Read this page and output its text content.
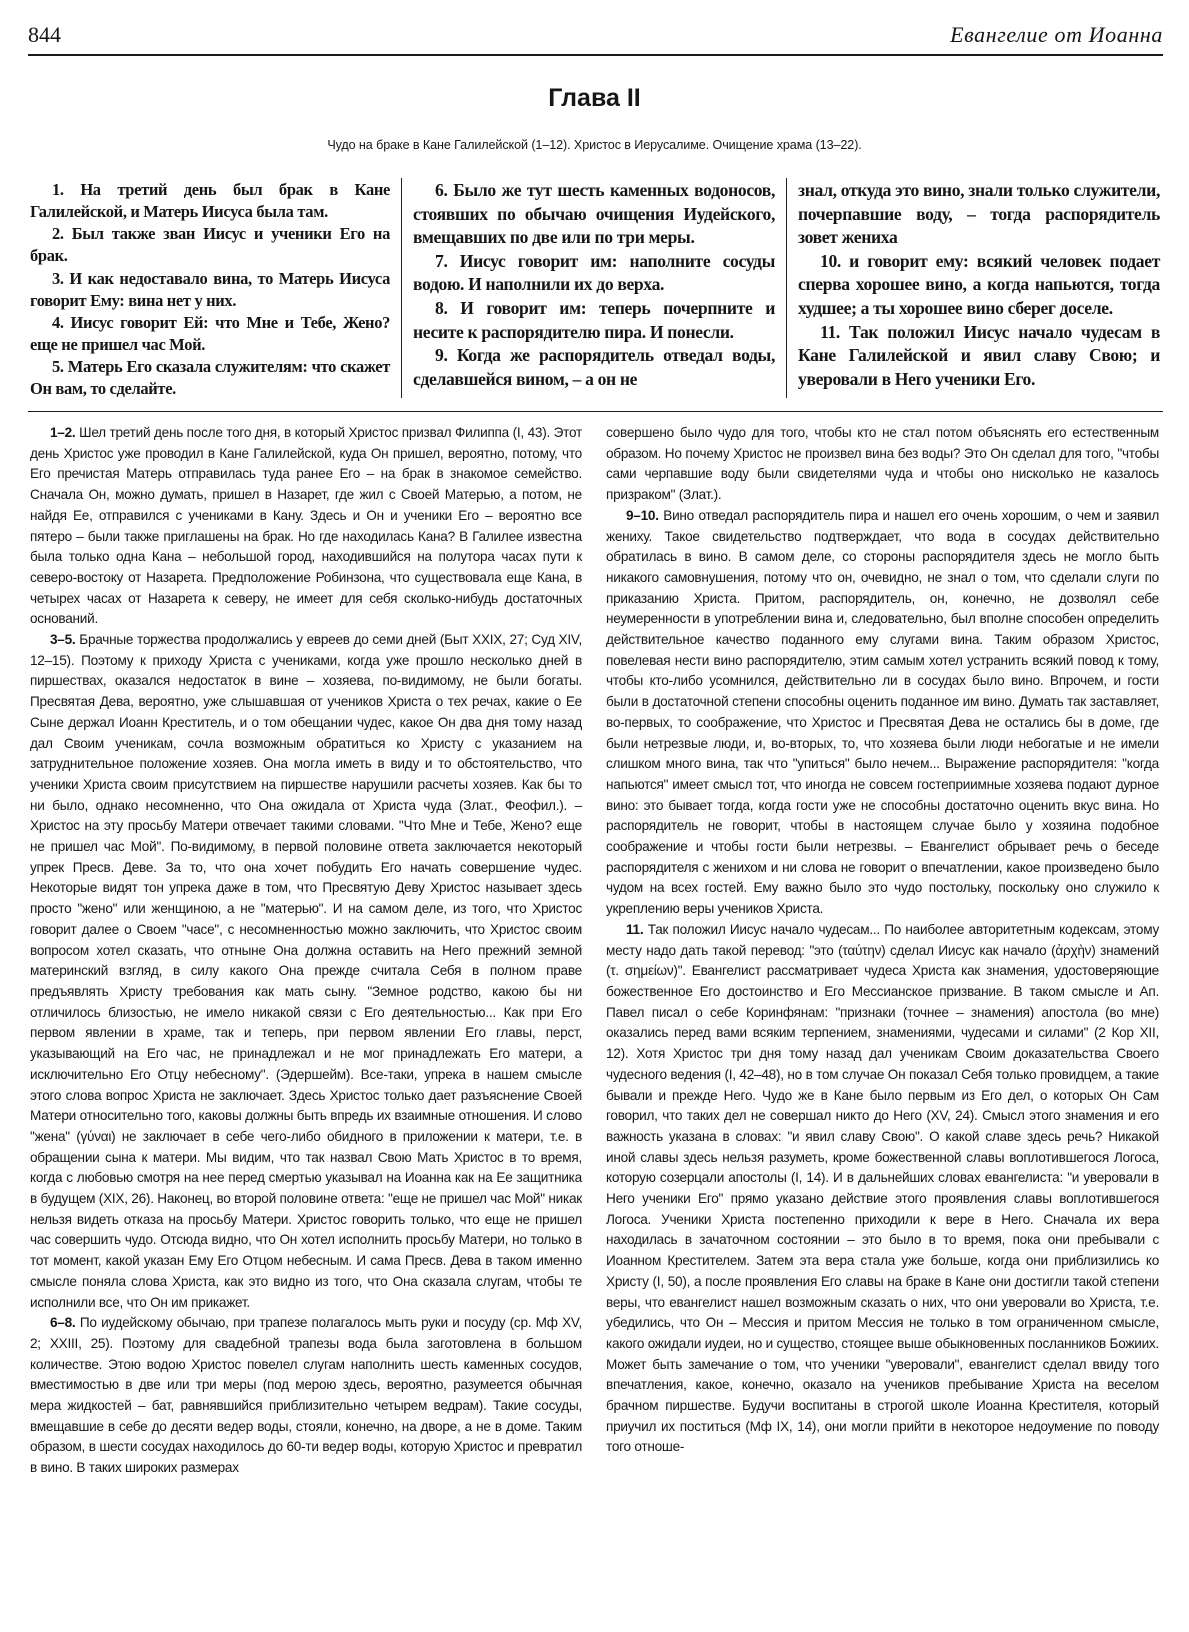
844	Евангелие от Иоанна
Глава II
Чудо на браке в Кане Галилейской (1–12). Христос в Иерусалиме. Очищение храма (13–22).

1. На третий день был брак в Кане Галилейской, и Матерь Иисуса была там.

2. Был также зван Иисус и ученики Его на брак.

3. И как недоставало вина, то Матерь Иисуса говорит Ему: вина нет у них.

4. Иисус говорит Ей: что Мне и Тебе, Жено? еще не пришел час Мой.

5. Матерь Его сказала служителям: что скажет Он вам, то сделайте.

6. Было же тут шесть каменных водоносов, стоявших по обычаю очищения Иудейского, вмещавших по две или по три меры.

7. Иисус говорит им: наполните сосуды водою. И наполнили их до верха.

8. И говорит им: теперь почерпните и несите к распорядителю пира. И понесли.

9. Когда же распорядитель отведал воды, сделавшейся вином, – а он не

знал, откуда это вино, знали только служители, почерпавшие воду, – тогда распорядитель зовет жениха

10. и говорит ему: всякий человек подает сперва хорошее вино, а когда напьются, тогда худшее; а ты хорошее вино сберег доселе.

11. Так положил Иисус начало чудесам в Кане Галилейской и явил славу Свою; и уверовали в Него ученики Его.

1–2. Шел третий день после того дня, в который Христос призвал Филиппа (I, 43). Этот день Христос уже проводил в Кане Галилейской, куда Он пришел, вероятно, потому, что Его пречистая Матерь отправилась туда ранее Его – на брак в знакомое семейство. Сначала Он, можно думать, пришел в Назарет, где жил с Своей Матерью, а потом, не найдя Ее, отправился с учениками в Кану. Здесь и Он и ученики Его – вероятно все пятеро – были также приглашены на брак. Но где находилась Кана? В Галилее известна была только одна Кана – небольшой город, находившийся на полутора часах пути к северо-востоку от Назарета. Предположение Робинзона, что существовала еще Кана, в четырех часах от Назарета к северу, не имеет для себя сколько-нибудь достаточных оснований.

3–5. Брачные торжества продолжались у евреев до семи дней (Быт XXIX, 27; Суд XIV, 12–15). Поэтому к приходу Христа с учениками, когда уже прошло несколько дней в пиршествах, оказался недостаток в вине – хозяева, по-видимому, не были богаты. Пресвятая Дева, вероятно, уже слышавшая от учеников Христа о тех речах, какие о Ее Сыне держал Иоанн Креститель, и о том обещании чудес, какое Он два дня тому назад дал Своим ученикам, сочла возможным обратиться ко Христу с указанием на затруднительное положение хозяев. Она могла иметь в виду и то обстоятельство, что ученики Христа своим присутствием на пиршестве нарушили расчеты хозяев. Как бы то ни было, однако несомненно, что Она ожидала от Христа чуда (Злат., Феофил.). – Христос на эту просьбу Матери отвечает такими словами. "Что Мне и Тебе, Жено? еще не пришел час Мой". По-видимому, в первой половине ответа заключается некоторый упрек Пресв. Деве. За то, что она хочет побудить Его начать совершение чудес. Некоторые видят тон упрека даже в том, что Пресвятую Деву Христос называет здесь просто "жено" или женщиною, а не "матерью". И на самом деле, из того, что Христос говорит далее о Своем "часе", с несомненностью можно заключить, что Христос своим вопросом хотел сказать, что отныне Она должна оставить на Него прежний земной материнский взгляд, в силу какого Она прежде считала Себя в полном праве предъявлять Христу требования как мать сыну. "Земное родство, какою бы ни отличилось близостью, не имело никакой связи с Его деятельностью... Как при Его первом явлении в храме, так и теперь, при первом явлении Его главы, перст, указывающий на Его час, не принадлежал и не мог принадлежать Его матери, а исключительно Его Отцу небесному". (Эдершейм). Все-таки, упрека в нашем смысле этого слова вопрос Христа не заключает. Здесь Христос только дает разъяснение Своей Матери относительно того, каковы должны быть впредь их взаимные отношения. И слово "жена" (γύναι) не заключает в себе чего-либо обидного в приложении к матери, т.е. в обращении сына к матери. Мы видим, что так назвал Свою Мать Христос в то время, когда с любовью смотря на нее перед смертью указывал на Иоанна как на Ее защитника в будущем (XIX, 26). Наконец, во второй половине ответа: "еще не пришел час Мой" никак нельзя видеть отказа на просьбу Матери. Христос говорить только, что еще не пришел час совершить чудо. Отсюда видно, что Он хотел исполнить просьбу Матери, но только в тот момент, какой указан Ему Его Отцом небесным. И сама Пресв. Дева в таком именно смысле поняла слова Христа, как это видно из того, что Она сказала слугам, чтобы те исполнили все, что Он им прикажет.

6–8. По иудейскому обычаю, при трапезе полагалось мыть руки и посуду (ср. Мф XV, 2; XXIII, 25). Поэтому для свадебной трапезы вода была заготовлена в большом количестве. Этою водою Христос повелел слугам наполнить шесть каменных сосудов, вместимостью в две или три меры (под мерою здесь, вероятно, разумеется обычная мера жидкостей – бат, равнявшийся приблизительно четырем ведрам). Такие сосуды, вмещавшие в себе до десяти ведер воды, стояли, конечно, на дворе, а не в доме. Таким образом, в шести сосудах находилось до 60-ти ведер воды, которую Христос и превратил в вино. В таких широких размерах

совершено было чудо для того, чтобы кто не стал потом объяснять его естественным образом. Но почему Христос не произвел вина без воды? Это Он сделал для того, "чтобы сами черпавшие воду были свидетелями чуда и чтобы оно нисколько не казалось призраком" (Злат.).

9–10. Вино отведал распорядитель пира и нашел его очень хорошим, о чем и заявил жениху. Такое свидетельство подтверждает, что вода в сосудах действительно обратилась в вино. В самом деле, со стороны распорядителя здесь не могло быть никакого самовнушения, потому что он, очевидно, не знал о том, что сделали слуги по приказанию Христа. Притом, распорядитель, он, конечно, не дозволял себе неумеренности в употреблении вина и, следовательно, был вполне способен определить действительное качество поданного ему слугами вина. Таким образом Христос, повелевая нести вино распорядителю, этим самым хотел устранить всякий повод к тому, чтобы кто-либо усомнился, действительно ли в сосудах было вино. Впрочем, и гости были в достаточной степени способны оценить поданное им вино. Думать так заставляет, во-первых, то соображение, что Христос и Пресвятая Дева не остались бы в доме, где были нетрезвые люди, и, во-вторых, то, что хозяева были люди небогатые и не имели слишком много вина, так что "упиться" было нечем... Выражение распорядителя: "когда напьются" имеет смысл тот, что иногда не совсем гостеприимные хозяева подают дурное вино: это бывает тогда, когда гости уже не способны достаточно оценить вкус вина. Но распорядитель не говорит, чтобы в настоящем случае было у хозяина подобное соображение и чтобы гости были нетрезвы. – Евангелист обрывает речь о беседе распорядителя с женихом и ни слова не говорит о впечатлении, какое произведено было чудом на всех гостей. Ему важно было это чудо постольку, поскольку оно служило к укреплению веры учеников Христа.

11. Так положил Иисус начало чудесам... По наиболее авторитетным кодексам, этому месту надо дать такой перевод: "это (ταύτην) сделал Иисус как начало (ἀρχὴν) знамений (τ. σημείων)". Евангелист рассматривает чудеса Христа как знамения, удостоверяющие божественное Его достоинство и Его Мессианское призвание. В таком смысле и Ап. Павел писал о себе Коринфянам: "признаки (точнее – знамения) апостола (во мне) оказались перед вами всяким терпением, знамениями, чудесами и силами" (2 Кор XII, 12). Хотя Христос три дня тому назад дал ученикам Своим доказательства Своего чудесного ведения (I, 42–48), но в том случае Он показал Себя только провидцем, а такие бывали и прежде Него. Чудо же в Кане было первым из Его дел, о которых Он Сам говорил, что таких дел не совершал никто до Него (XV, 24). Смысл этого знамения и его важность указана в словах: "и явил славу Свою". О какой славе здесь речь? Никакой иной славы здесь нельзя разуметь, кроме божественной славы воплотившегося Логоса, которую созерцали апостолы (I, 14). И в дальнейших словах евангелиста: "и уверовали в Него ученики Его" прямо указано действие этого проявления славы воплотившегося Логоса. Ученики Христа постепенно приходили к вере в Него. Сначала их вера находилась в зачаточном состоянии – это было в то время, пока они пребывали с Иоанном Крестителем. Затем эта вера стала уже больше, когда они приблизились ко Христу (I, 50), а после проявления Его славы на браке в Кане они достигли такой степени веры, что евангелист нашел возможным сказать о них, что они уверовали во Христа, т.е. убедились, что Он – Мессия и притом Мессия не только в том ограниченном смысле, какого ожидали иудеи, но и существо, стоящее выше обыкновенных посланников Божиих. Может быть замечание о том, что ученики "уверовали", евангелист сделал ввиду того впечатления, какое, конечно, оказало на учеников пребывание Христа на веселом брачном пиршестве. Будучи воспитаны в строгой школе Иоанна Крестителя, который приучил их поститься (Мф IX, 14), они могли прийти в некоторое недоумение по поводу того отноше-
